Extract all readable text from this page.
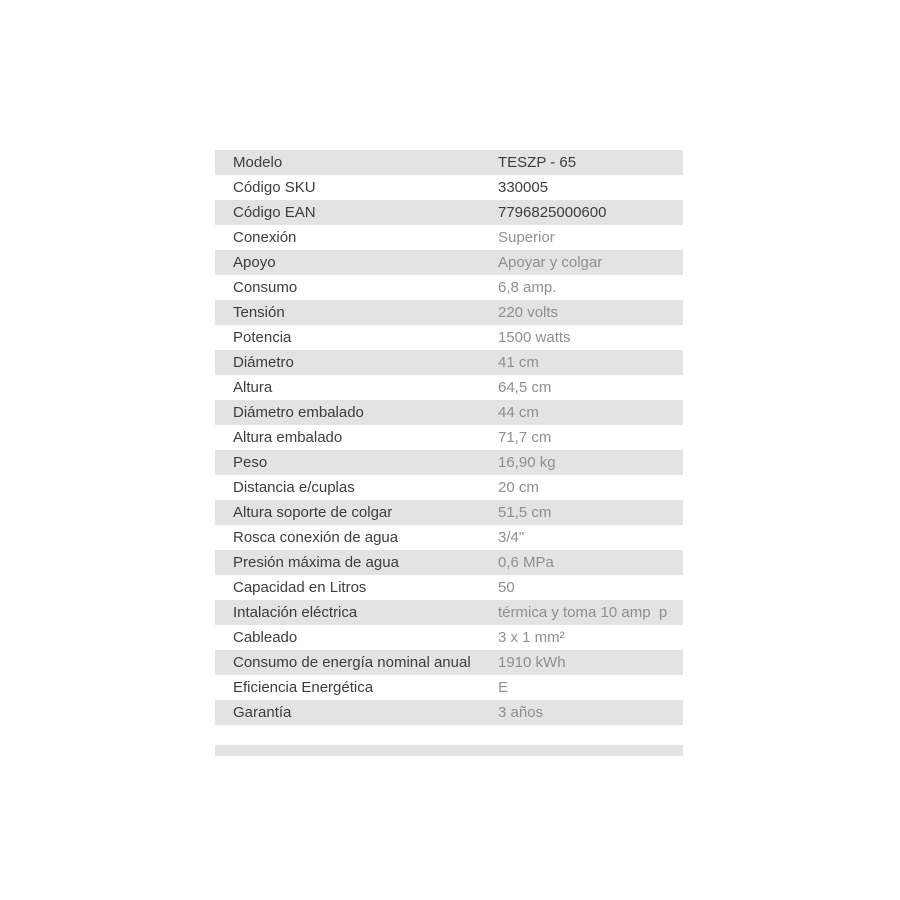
Modelo	TESZP - 65
Código SKU	330005
Código EAN	7796825000600
Conexión	Superior
Apoyo	Apoyar y colgar
Consumo	6,8 amp.
Tensión	220 volts
Potencia	1500 watts
Diámetro	41 cm
Altura	64,5 cm
Diámetro embalado	44 cm
Altura embalado	71,7 cm
Peso	16,90 kg
Distancia e/cuplas	20 cm
Altura soporte de colgar	51,5 cm
Rosca conexión de agua	3/4"
Presión máxima de agua	0,6 MPa
Capacidad en Litros	50
Intalación eléctrica	térmica y toma 10 amp  p
Cableado	3 x 1 mm²
Consumo de energía nominal anual 1910 kWh
Eficiencia Energética	E
Garantía	3 años
